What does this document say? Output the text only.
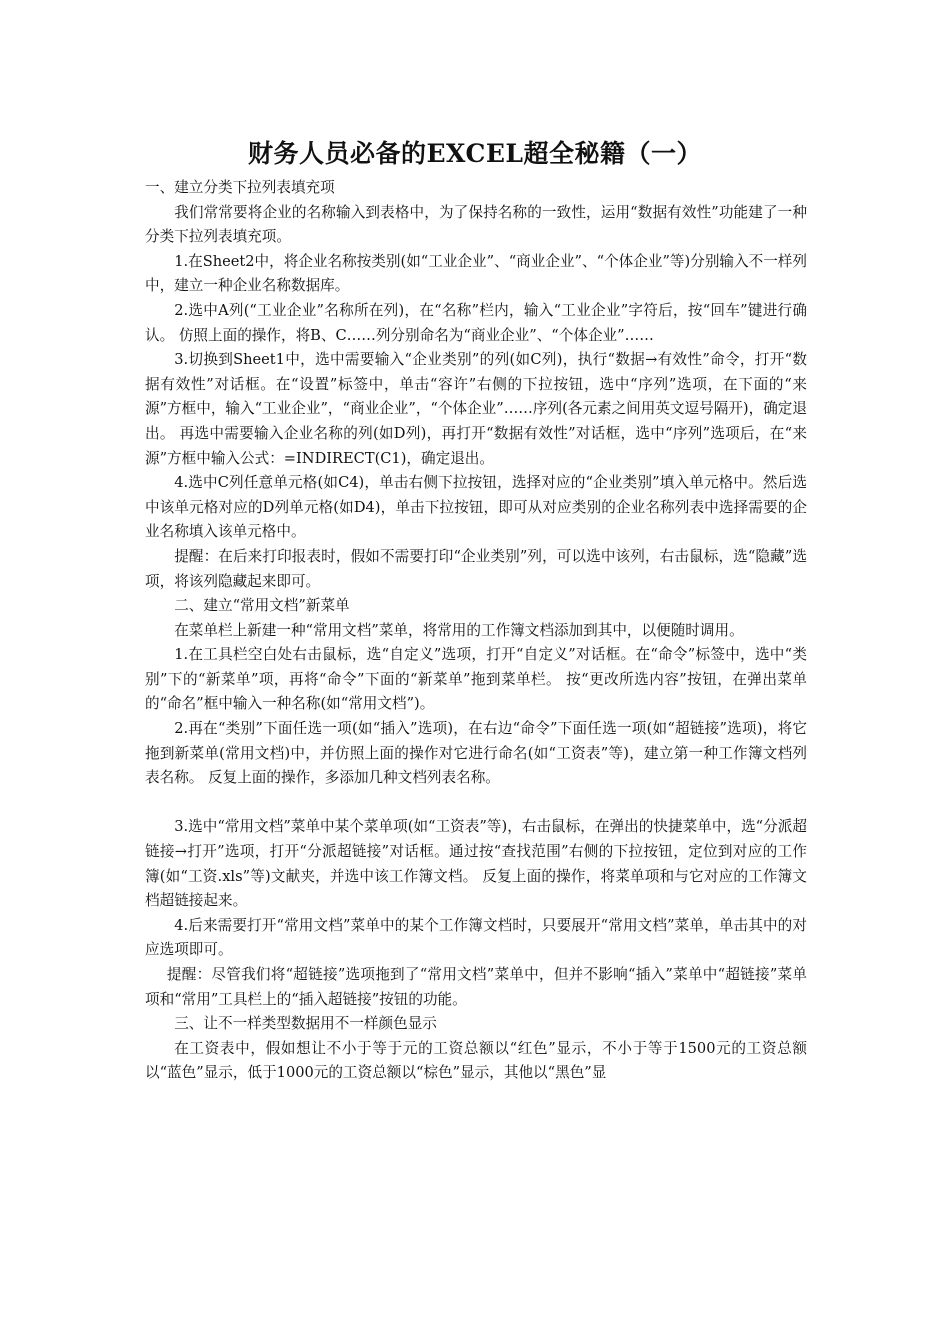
财务人员必备的EXCEL超全秘籍（一）

一、建立分类下拉列表填充项

我们常常要将企业的名称输入到表格中，为了保持名称的一致性，运用“数据有效性”功能建了一种分类下拉列表填充项。

1.在Sheet2中，将企业名称按类别(如“工业企业”、“商业企业”、“个体企业”等)分别输入不一样列中，建立一种企业名称数据库。

2.选中A列(“工业企业”名称所在列)，在“名称”栏内，输入“工业企业”字符后，按“回车”键进行确认。 仿照上面的操作，将B、C……列分别命名为“商业企业”、“个体企业”……

3.切换到Sheet1中，选中需要输入“企业类别”的列(如C列)，执行“数据→有效性”命令，打开“数据有效性”对话框。在“设置”标签中，单击“容许”右侧的下拉按钮，选中“序列”选项，在下面的“来源”方框中，输入“工业企业”，“商业企业”，“个体企业”……序列(各元素之间用英文逗号隔开)，确定退出。 再选中需要输入企业名称的列(如D列)，再打开“数据有效性”对话框，选中“序列”选项后，在“来源”方框中输入公式：=INDIRECT(C1)，确定退出。

4.选中C列任意单元格(如C4)，单击右侧下拉按钮，选择对应的“企业类别”填入单元格中。然后选中该单元格对应的D列单元格(如D4)，单击下拉按钮，即可从对应类别的企业名称列表中选择需要的企业名称填入该单元格中。

提醒：在后来打印报表时，假如不需要打印“企业类别”列，可以选中该列，右击鼠标，选“隐藏”选项，将该列隐藏起来即可。

二、建立“常用文档”新菜单

在菜单栏上新建一种“常用文档”菜单，将常用的工作簿文档添加到其中，以便随时调用。

1.在工具栏空白处右击鼠标，选“自定义”选项，打开“自定义”对话框。在“命令”标签中，选中“类别”下的“新菜单”项，再将“命令”下面的“新菜单”拖到菜单栏。 按“更改所选内容”按钮，在弹出菜单的“命名”框中输入一种名称(如“常用文档”)。

2.再在“类别”下面任选一项(如“插入”选项)，在右边“命令”下面任选一项(如“超链接”选项)，将它拖到新菜单(常用文档)中，并仿照上面的操作对它进行命名(如“工资表”等)，建立第一种工作簿文档列表名称。 反复上面的操作，多添加几种文档列表名称。

3.选中“常用文档”菜单中某个菜单项(如“工资表”等)，右击鼠标，在弹出的快捷菜单中，选“分派超链接→打开”选项，打开“分派超链接”对话框。通过按“查找范围”右侧的下拉按钮，定位到对应的工作簿(如“工资.xls”等)文献夹，并选中该工作簿文档。 反复上面的操作，将菜单项和与它对应的工作簿文档超链接起来。

4.后来需要打开“常用文档”菜单中的某个工作簿文档时，只要展开“常用文档”菜单，单击其中的对应选项即可。

提醒：尽管我们将“超链接”选项拖到了“常用文档”菜单中，但并不影响“插入”菜单中“超链接”菜单项和“常用”工具栏上的“插入超链接”按钮的功能。

三、让不一样类型数据用不一样颜色显示

在工资表中，假如想让不小于等于元的工资总额以“红色”显示，不小于等于1500元的工资总额以“蓝色”显示，低于1000元的工资总额以“棕色”显示，其他以“黑色”显
